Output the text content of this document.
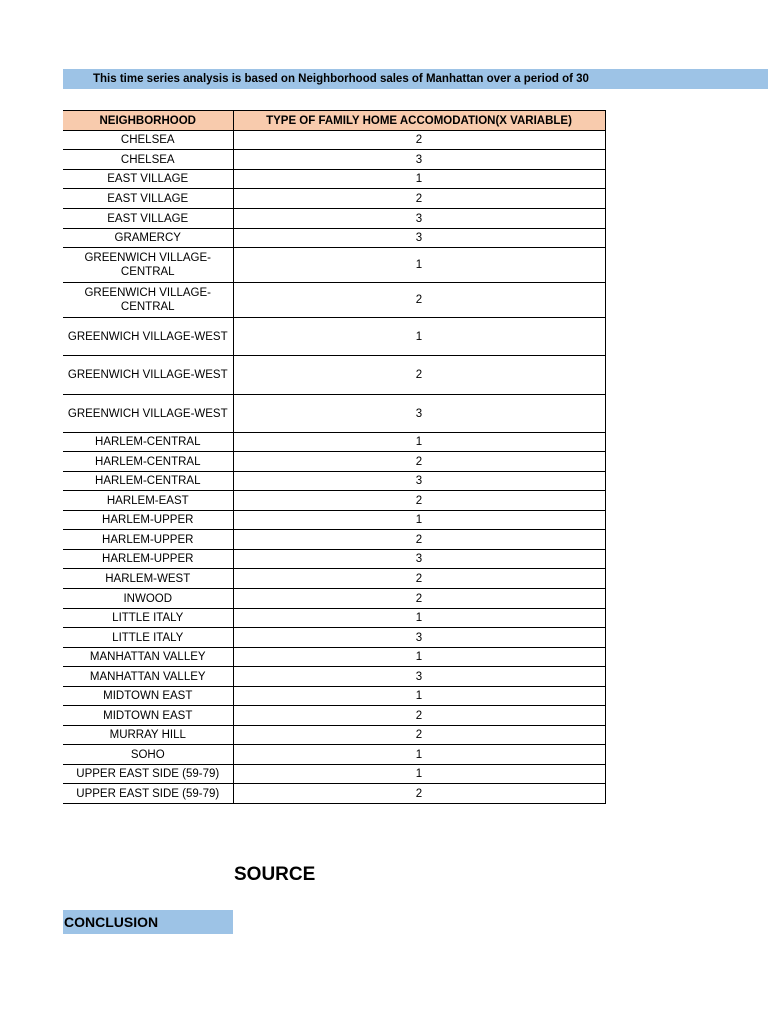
This time series analysis is based on Neighborhood sales of Manhattan over a period of 30
NEIGHBORHOOD	TYPE OF FAMILY HOME ACCOMODATION(X VARIABLE)
CHELSEA	2
CHELSEA	3
EAST VILLAGE	1
EAST VILLAGE	2
EAST VILLAGE	3
GRAMERCY	3
GREENWICH VILLAGE-
CENTRAL	1
GREENWICH VILLAGE-
CENTRAL	2
GREENWICH VILLAGE-WEST	1
GREENWICH VILLAGE-WEST	2
GREENWICH VILLAGE-WEST	3
HARLEM-CENTRAL	1
HARLEM-CENTRAL	2
HARLEM-CENTRAL	3
HARLEM-EAST	2
HARLEM-UPPER	1
HARLEM-UPPER	2
HARLEM-UPPER	3
HARLEM-WEST	2
INWOOD	2
LITTLE ITALY	1
LITTLE ITALY	3
MANHATTAN VALLEY	1
MANHATTAN VALLEY	3
MIDTOWN EAST	1
MIDTOWN EAST	2
MURRAY HILL	2
SOHO	1
UPPER EAST SIDE (59-79)	1
UPPER EAST SIDE (59-79)	2
SOURCE
CONCLUSION
